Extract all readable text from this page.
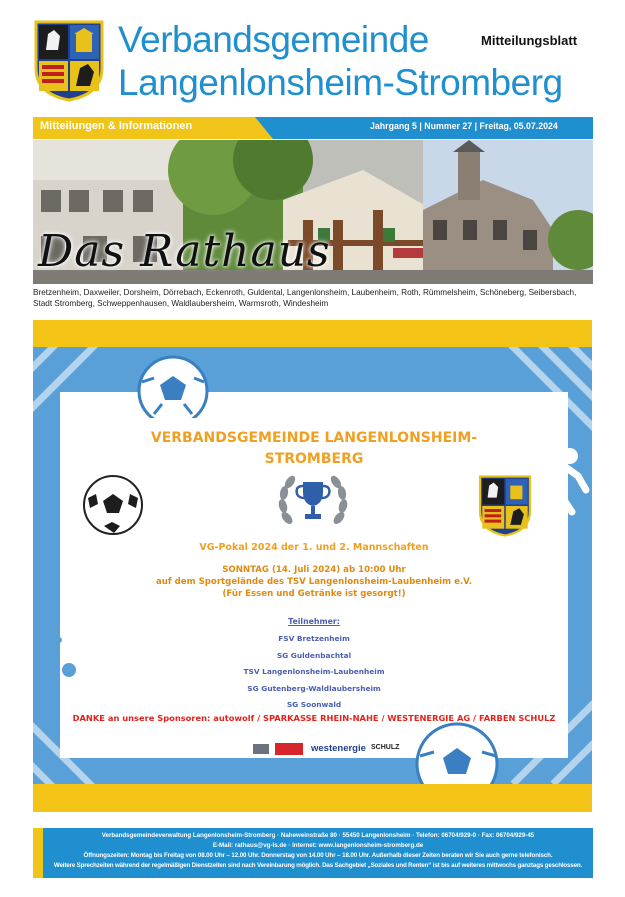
Verbandsgemeinde
Langenlonsheim-Stromberg
Mitteilungsblatt
Mitteilungen & Informationen	Jahrgang 5 | Nummer 27 | Freitag, 05.07.2024
Das Rathaus
Bretzenheim, Daxweiler, Dorsheim, Dörrebach, Eckenroth, Guldental, Langenlonsheim, Laubenheim, Roth, Rümmelsheim, Schöneberg, Seibersbach, Stadt Stromberg, Schweppenhausen, Waldlaubersheim, Warmsroth, Windesheim
VERBANDSGEMEINDE LANGENLONSHEIM-
STROMBERG
VG-Pokal 2024 der 1. und 2. Mannschaften
SONNTAG (14. Juli 2024) ab 10:00 Uhr
auf dem Sportgelände des TSV Langenlonsheim-Laubenheim e.V.
(Für Essen und Getränke ist gesorgt!)
Teilnehmer:
FSV Bretzenheim
SG Guldenbachtal
TSV Langenlonsheim-Laubenheim
SG Gutenberg-Waldlaubersheim
SG Soonwald
DANKE an unsere Sponsoren: autowolf / SPARKASSE RHEIN-NAHE / WESTENERGIE AG / FARBEN SCHULZ
westenergie SCHULZ
Verbandsgemeindeverwaltung Langenlonsheim-Stromberg · Naheweinstraße 80 · 55450 Langenlonsheim · Telefon: 06704/929-0 · Fax: 06704/929-45
E-Mail: rathaus@vg-ls.de · Internet: www.langenlonsheim-stromberg.de
Öffnungszeiten: Montag bis Freitag von 08.00 Uhr – 12.00 Uhr. Donnerstag von 14.00 Uhr – 18.00 Uhr. Außerhalb dieser Zeiten beraten wir Sie auch gerne telefonisch.
Weitere Sprechzeiten während der regelmäßigen Dienstzeiten sind nach Vereinbarung möglich. Das Sachgebiet „Soziales und Renten“ ist bis auf weiteres mittwochs ganztags geschlossen.
